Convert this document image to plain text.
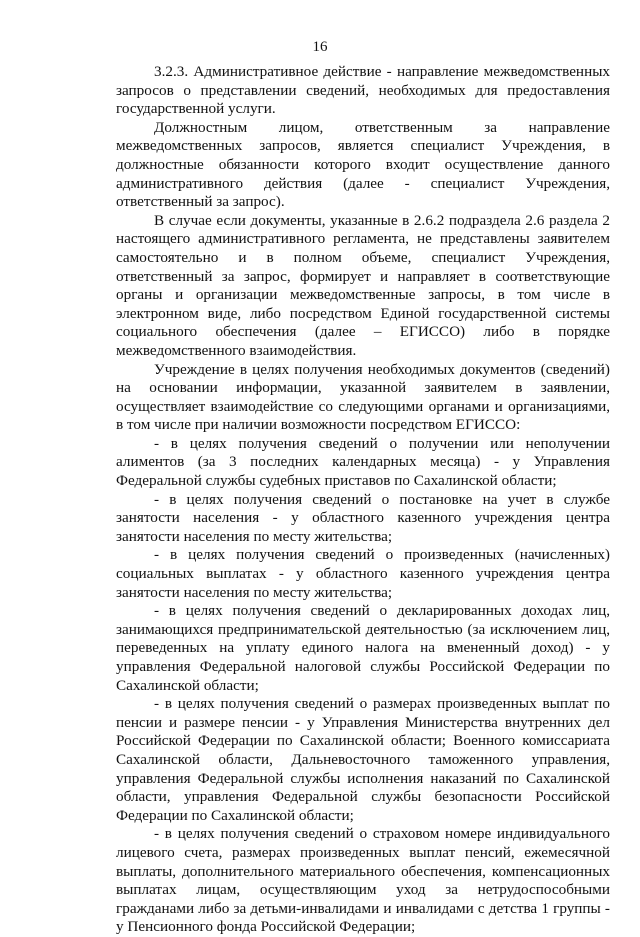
16

3.2.3. Административное действие - направление межведомственных запросов о представлении сведений, необходимых для предоставления государственной услуги.

Должностным лицом, ответственным за направление межведомственных запросов, является специалист Учреждения, в должностные обязанности которого входит осуществление данного административного действия (далее - специалист Учреждения, ответственный за запрос).

В случае если документы, указанные в 2.6.2 подраздела 2.6 раздела 2 настоящего административного регламента, не представлены заявителем самостоятельно и в полном объеме, специалист Учреждения, ответственный за запрос, формирует и направляет в соответствующие органы и организации межведомственные запросы, в том числе в электронном виде, либо посредством Единой государственной системы социального обеспечения (далее – ЕГИССО) либо в порядке межведомственного взаимодействия.

Учреждение в целях получения необходимых документов (сведений) на основании информации, указанной заявителем в заявлении, осуществляет взаимодействие со следующими органами и организациями, в том числе при наличии возможности посредством ЕГИССО:

- в целях получения сведений о получении или неполучении алиментов (за 3 последних календарных месяца) - у Управления Федеральной службы судебных приставов по Сахалинской области;

- в целях получения сведений о постановке на учет в службе занятости населения - у областного казенного учреждения центра занятости населения по месту жительства;

- в целях получения сведений о произведенных (начисленных) социальных выплатах - у областного казенного учреждения центра занятости населения по месту жительства;

- в целях получения сведений о декларированных доходах лиц, занимающихся предпринимательской деятельностью (за исключением лиц, переведенных на уплату единого налога на вмененный доход) - у управления Федеральной налоговой службы Российской Федерации по Сахалинской области;

- в целях получения сведений о размерах произведенных выплат по пенсии и размере пенсии - у Управления Министерства внутренних дел Российской Федерации по Сахалинской области; Военного комиссариата Сахалинской области, Дальневосточного таможенного управления, управления Федеральной службы исполнения наказаний по Сахалинской области, управления Федеральной службы безопасности Российской Федерации по Сахалинской области;

- в целях получения сведений о страховом номере индивидуального лицевого счета, размерах произведенных выплат пенсий, ежемесячной выплаты, дополнительного материального обеспечения, компенсационных выплатах лицам, осуществляющим уход за нетрудоспособными гражданами либо за детьми-инвалидами и инвалидами с детства 1 группы - у Пенсионного фонда Российской Федерации;
